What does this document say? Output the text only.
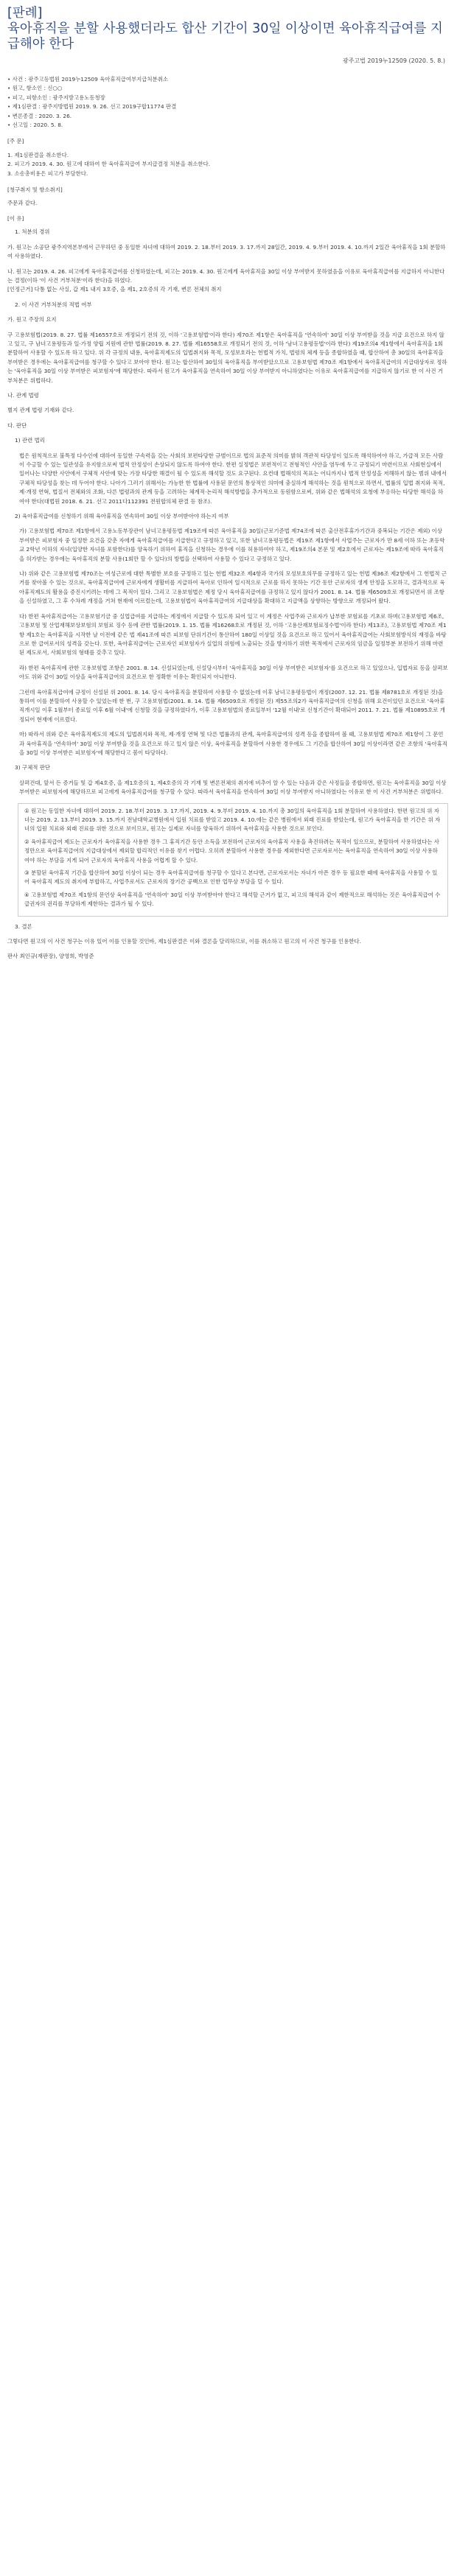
[판례]
육아휴직을 분할 사용했더라도 합산 기간이 30일 이상이면 육아휴직급여를 지급해야 한다
광주고법 2019누12509 (2020. 5. 8.)
• 사건 : 광주고등법원 2019누12509 육아휴직급여부지급처분취소
• 원고, 항소인 : 신○○
• 피고, 피항소인 : 광주지방고용노동청장
• 제1심판결 : 광주지방법원 2019. 9. 26. 선고 2019구합11774 판결
• 변론종결 : 2020. 3. 26.
• 선고일 : 2020. 5. 8.

[주 문]

1. 제1심판결을 취소한다.
2. 피고가 2019. 4. 30. 원고에 대하여 한 육아휴직급여 부지급결정 처분을 취소한다.
3. 소송총비용은 피고가 부담한다.

[청구취지 및 항소취지]

주문과 같다.

[이 유]

1. 처분의 경위

가. 원고는 소공단 광주지역본부에서 근무하던 중 동일한 자녀에 대하여 2019. 2. 18.부터 2019. 3. 17.까지 28일간, 2019. 4. 9.부터 2019. 4. 10.까지 2일간 육아휴직을 1회 분할하여 사용하였다.

나. 원고는 2019. 4. 26. 피고에게 육아휴직급여를 신청하였는데, 피고는 2019. 4. 30. 원고에게 육아휴직을 30일 이상 부여받지 못하였음을 이유로 육아휴직급여를 지급하지 아니한다는 결정(이하 '이 사건 거부처분'이라 한다)을 하였다.
[인정근거] 다툼 없는 사실, 갑 제1 내지 3호증, 을 제1, 2호증의 각 기재, 변론 전체의 취지

2. 이 사건 거부처분의 적법 여부

가. 원고 주장의 요지

구 고용보험법(2019. 8. 27. 법률 제16557호로 개정되기 전의 것, 이하 '고용보험법'이라 한다) 제70조 제1항은 육아휴직을 '연속하여' 30일 이상 부여받을 것을 지급 요건으로 하지 않고 있고, 구 남녀고용평등과 일·가정 양립 지원에 관한 법률(2019. 8. 27. 법률 제16558호로 개정되기 전의 것, 이하 '남녀고용평등법'이라 한다) 제19조의4 제1항에서 육아휴직을 1회 분할하여 사용할 수 있도록 하고 있다. 위 각 규정의 내용, 육아휴직제도의 입법취지와 목적, 모성보호라는 헌법적 가치, 법령의 체계 등을 종합하였을 때, 합산하여 총 30일의 육아휴직을 부여받은 경우에는 육아휴직급여를 청구할 수 있다고 보아야 한다. 원고는 합산하여 30일의 육아휴직을 부여받았으므로 고용보험법 제70조 제1항에서 육아휴직급여의 지급대상자로 정하는 '육아휴직을 30일 이상 부여받은 피보험자'에 해당한다. 따라서 원고가 육아휴직을 연속하여 30일 이상 부여받지 아니하였다는 이유로 육아휴직급여를 지급하지 않기로 한 이 사건 거부처분은 위법하다.

나. 관계 법령

별지 관계 법령 기재와 같다.

다. 판단

1) 관련 법리

법은 원칙적으로 불특정 다수인에 대하여 동일한 구속력을 갖는 사회의 보편타당한 규범이므로 법의 표준적 의미를 밝혀 객관적 타당성이 있도록 해석하여야 하고, 가급적 모든 사람이 수긍할 수 있는 일관성을 유지함으로써 법적 안정성이 손상되지 않도록 하여야 한다. 한편 실정법은 보편적이고 전형적인 사안을 염두에 두고 규정되기 마련이므로 사회현실에서 일어나는 다양한 사안에서 구체적 사안에 맞는 가장 타당한 해결이 될 수 있도록 해석할 것도 요구된다. 요컨대 법해석의 목표는 어디까지나 법적 안정성을 저해하지 않는 범위 내에서 구체적 타당성을 찾는 데 두어야 한다. 나아가 그러기 위해서는 가능한 한 법률에 사용된 문언의 통상적인 의미에 충실하게 해석하는 것을 원칙으로 하면서, 법률의 입법 취지와 목적, 제·개정 연혁, 법질서 전체와의 조화, 다른 법령과의 관계 등을 고려하는 체계적·논리적 해석방법을 추가적으로 동원함으로써, 위와 같은 법해석의 요청에 부응하는 타당한 해석을 하여야 한다(대법원 2018. 6. 21. 선고 2011다112391 전원합의체 판결 등 참조).

2) 육아휴직급여를 신청하기 위해 육아휴직을 연속하여 30일 이상 부여받아야 하는지 여부

가) 고용보험법 제70조 제1항에서 고용노동부장관이 남녀고용평등법 제19조에 따른 육아휴직을 30일(근로기준법 제74조에 따른 출산전후휴가기간과 중복되는 기간은 제외) 이상 부여받은 피보험자 중 일정한 요건을 갖춘 자에게 육아휴직급여를 지급한다고 규정하고 있고, 또한 남녀고용평등법은 제19조 제1항에서 사업주는 근로자가 만 8세 이하 또는 초등학교 2학년 이하의 자녀(입양한 자녀를 포함한다)를 양육하기 위하여 휴직을 신청하는 경우에 이를 허용하여야 하고, 제19조의4 본문 및 제2호에서 근로자는 제19조에 따라 육아휴직을 허가받는 경우에는 육아휴직의 분할 사용(1회만 할 수 있다)의 방법을 선택하여 사용할 수 있다고 규정하고 있다.

나) 위와 같은 고용보험법 제70조는 여성근로에 대한 특별한 보호를 규정하고 있는 헌법 제32조 제4항과 국가의 모성보호의무를 규정하고 있는 헌법 제36조 제2항에서 그 헌법적 근거를 찾아볼 수 있는 것으로, 육아휴직급여에 근로자에게 생활비를 지급하여 육아로 인하여 일시적으로 근로를 하지 못하는 기간 동안 근로자의 생계 안정을 도모하고, 결과적으로 육아휴직제도의 활용을 증진시키려는 데에 그 목적이 있다. 그리고 고용보험법은 제정 당시 육아휴직급여를 규정하고 있지 않다가 2001. 8. 14. 법률 제6509호로 개정되면서 위 조항을 신설하였고, 그 후 수차례 개정을 거쳐 현재에 이르렀는데, 고용보험법이 육아휴직급여의 지급대상을 확대하고 지급액을 상향하는 방향으로 개정되어 왔다.

다) 한편 육아휴직급여는 고용보험기금 중 실업급여를 지급하는 계정에서 지급할 수 있도록 되어 있고 이 계정은 사업주와 근로자가 납부한 보험료를 기초로 하며(고용보험법 제6조, 고용보험 및 산업재해보상보험의 보험료 징수 등에 관한 법률(2019. 1. 15. 법률 제16268호로 개정된 것, 이하 '고용산재보험료징수법'이라 한다) 제13조), 고용보험법 제70조 제1항 제1호는 육아휴직을 시작한 날 이전에 같은 법 제41조에 따른 피보험 단위기간이 통산하여 180일 이상일 것을 요건으로 하고 있어서 육아휴직급여는 사회보험방식의 재정을 바탕으로 한 급여로서의 성격을 갖는다. 또한, 육아휴직급여는 근로자인 피보험자가 실업의 위험에 노출되는 것을 방지하기 위한 목적에서 근로자의 임금을 일정부분 보전하기 위해 마련된 제도로서, 사회보험의 형태를 갖추고 있다.

라) 한편 육아휴직에 관한 고용보험법 조항은 2001. 8. 14. 신설되었는데, 신설당시부터 '육아휴직을 30일 이상 부여받은 피보험자'를 요건으로 하고 있었으나, 입법자료 등을 살펴보아도 위와 같이 30일 이상을 육아휴직급여의 요건으로 한 정확한 이유는 확인되지 아니한다.

그런데 육아휴직급여에 규정이 신설된 위 2001. 8. 14. 당시 육아휴직을 분할하여 사용할 수 없었는데 이후 남녀고용평등법이 개정(2007. 12. 21. 법률 제8781호로 개정된 것)을 통하여 이를 분할하여 사용할 수 있었는데 한 번, 구 고용보험법(2001. 8. 14. 법률 제6509호로 개정된 것) 제55조의2가 육아휴직급여의 신청을 위해 요건이었던 요건으로 '육아휴직개시일 이후 1월부터 종료일 이후 6월 이내'에 신청할 것을 규정하였다가, 이후 고용보험법의 종료일부터 '12월 이내'로 신청기간이 확대되어 2011. 7. 21. 법률 제10895호로 개정되어 현재에 이르렀다.

마) 따라서 위와 같은 육아휴직제도의 제도의 입법취지와 목적, 제·개정 연혁 및 다른 법률과의 관계, 육아휴직급여의 성격 등을 종합하여 볼 때, 고용보험법 제70조 제1항이 그 문언과 육아휴직을 '연속하여' 30일 이상 부여받을 것을 요건으로 하고 있지 않은 이상, 육아휴직을 분할하여 사용한 경우에도 그 기간을 합산하여 30일 이상이라면 같은 조항의 '육아휴직을 30일 이상 부여받은 피보험자'에 해당한다고 봄이 타당하다.

3) 구체적 판단

살펴건대, 앞서 든 증거들 및 갑 제4호증, 을 제1호증의 1, 제4호증의 각 기재 및 변론전체의 취지에 비추어 알 수 있는 다음과 같은 사정들을 종합하면, 원고는 육아휴직을 30일 이상 부여받은 피보험자에 해당하므로 피고에게 육아휴직급여를 청구할 수 있다. 따라서 육아휴직을 연속하여 30일 이상 부여받지 아니하였다는 이유로 한 이 사건 거부처분은 위법하다.

① 원고는 동일한 자녀에 대하여 2019. 2. 18.부터 2019. 3. 17.까지, 2019. 4. 9.부터 2019. 4. 10.까지 총 30일의 육아휴직을 1회 분할하여 사용하였다. 한편 원고의 위 자녀는 2019. 2. 13.부터 2019. 3. 15.까지 전남대학교병원에서 입원 치료를 받았고 2019. 4. 10.에는 같은 병원에서 외래 진료를 받았는데, 원고가 육아휴직을 한 기간은 위 자녀의 입원 치료와 외래 진료를 위한 것으로 보이므로, 원고는 실제로 자녀를 양육하기 위하여 육아휴직을 사용한 것으로 보인다.

② 육아휴직급여 제도는 근로자가 육아휴직을 사용한 경우 그 휴직기간 동안 소득을 보전하여 근로자의 육아휴직 사용을 촉진하려는 목적이 있으므로, 분할하여 사용하였다는 사정만으로 육아휴직급여의 지급대상에서 제외할 합리적인 이유를 찾기 어렵다. 오히려 분할하여 사용한 경우를 제외한다면 근로자로서는 육아휴직을 연속하여 30일 이상 사용하여야 하는 부담을 지게 되어 근로자의 육아휴직 사용을 어렵게 할 수 있다.

③ 분할된 육아휴직 기간을 합산하여 30일 이상이 되는 경우 육아휴직급여를 청구할 수 있다고 본다면, 근로자로서는 자녀가 아픈 경우 등 필요한 때에 육아휴직을 사용할 수 있어 육아휴직 제도의 취지에 부합하고, 사업주로서도 근로자의 장기간 공백으로 인한 업무상 부담을 덜 수 있다.

④ 고용보험법 제70조 제1항의 문언상 육아휴직을 '연속하여' 30일 이상 부여받아야 한다고 해석할 근거가 없고, 피고의 해석과 같이 제한적으로 해석하는 것은 육아휴직급여 수급권자의 권리를 부당하게 제한하는 결과가 될 수 있다.

3. 결론

그렇다면 원고의 이 사건 청구는 이유 있어 이를 인용할 것인바, 제1심판결은 이와 결론을 달리하므로, 이를 취소하고 원고의 이 사건 청구를 인용한다.

판사 최인규(재판장), 양영희, 박영준
